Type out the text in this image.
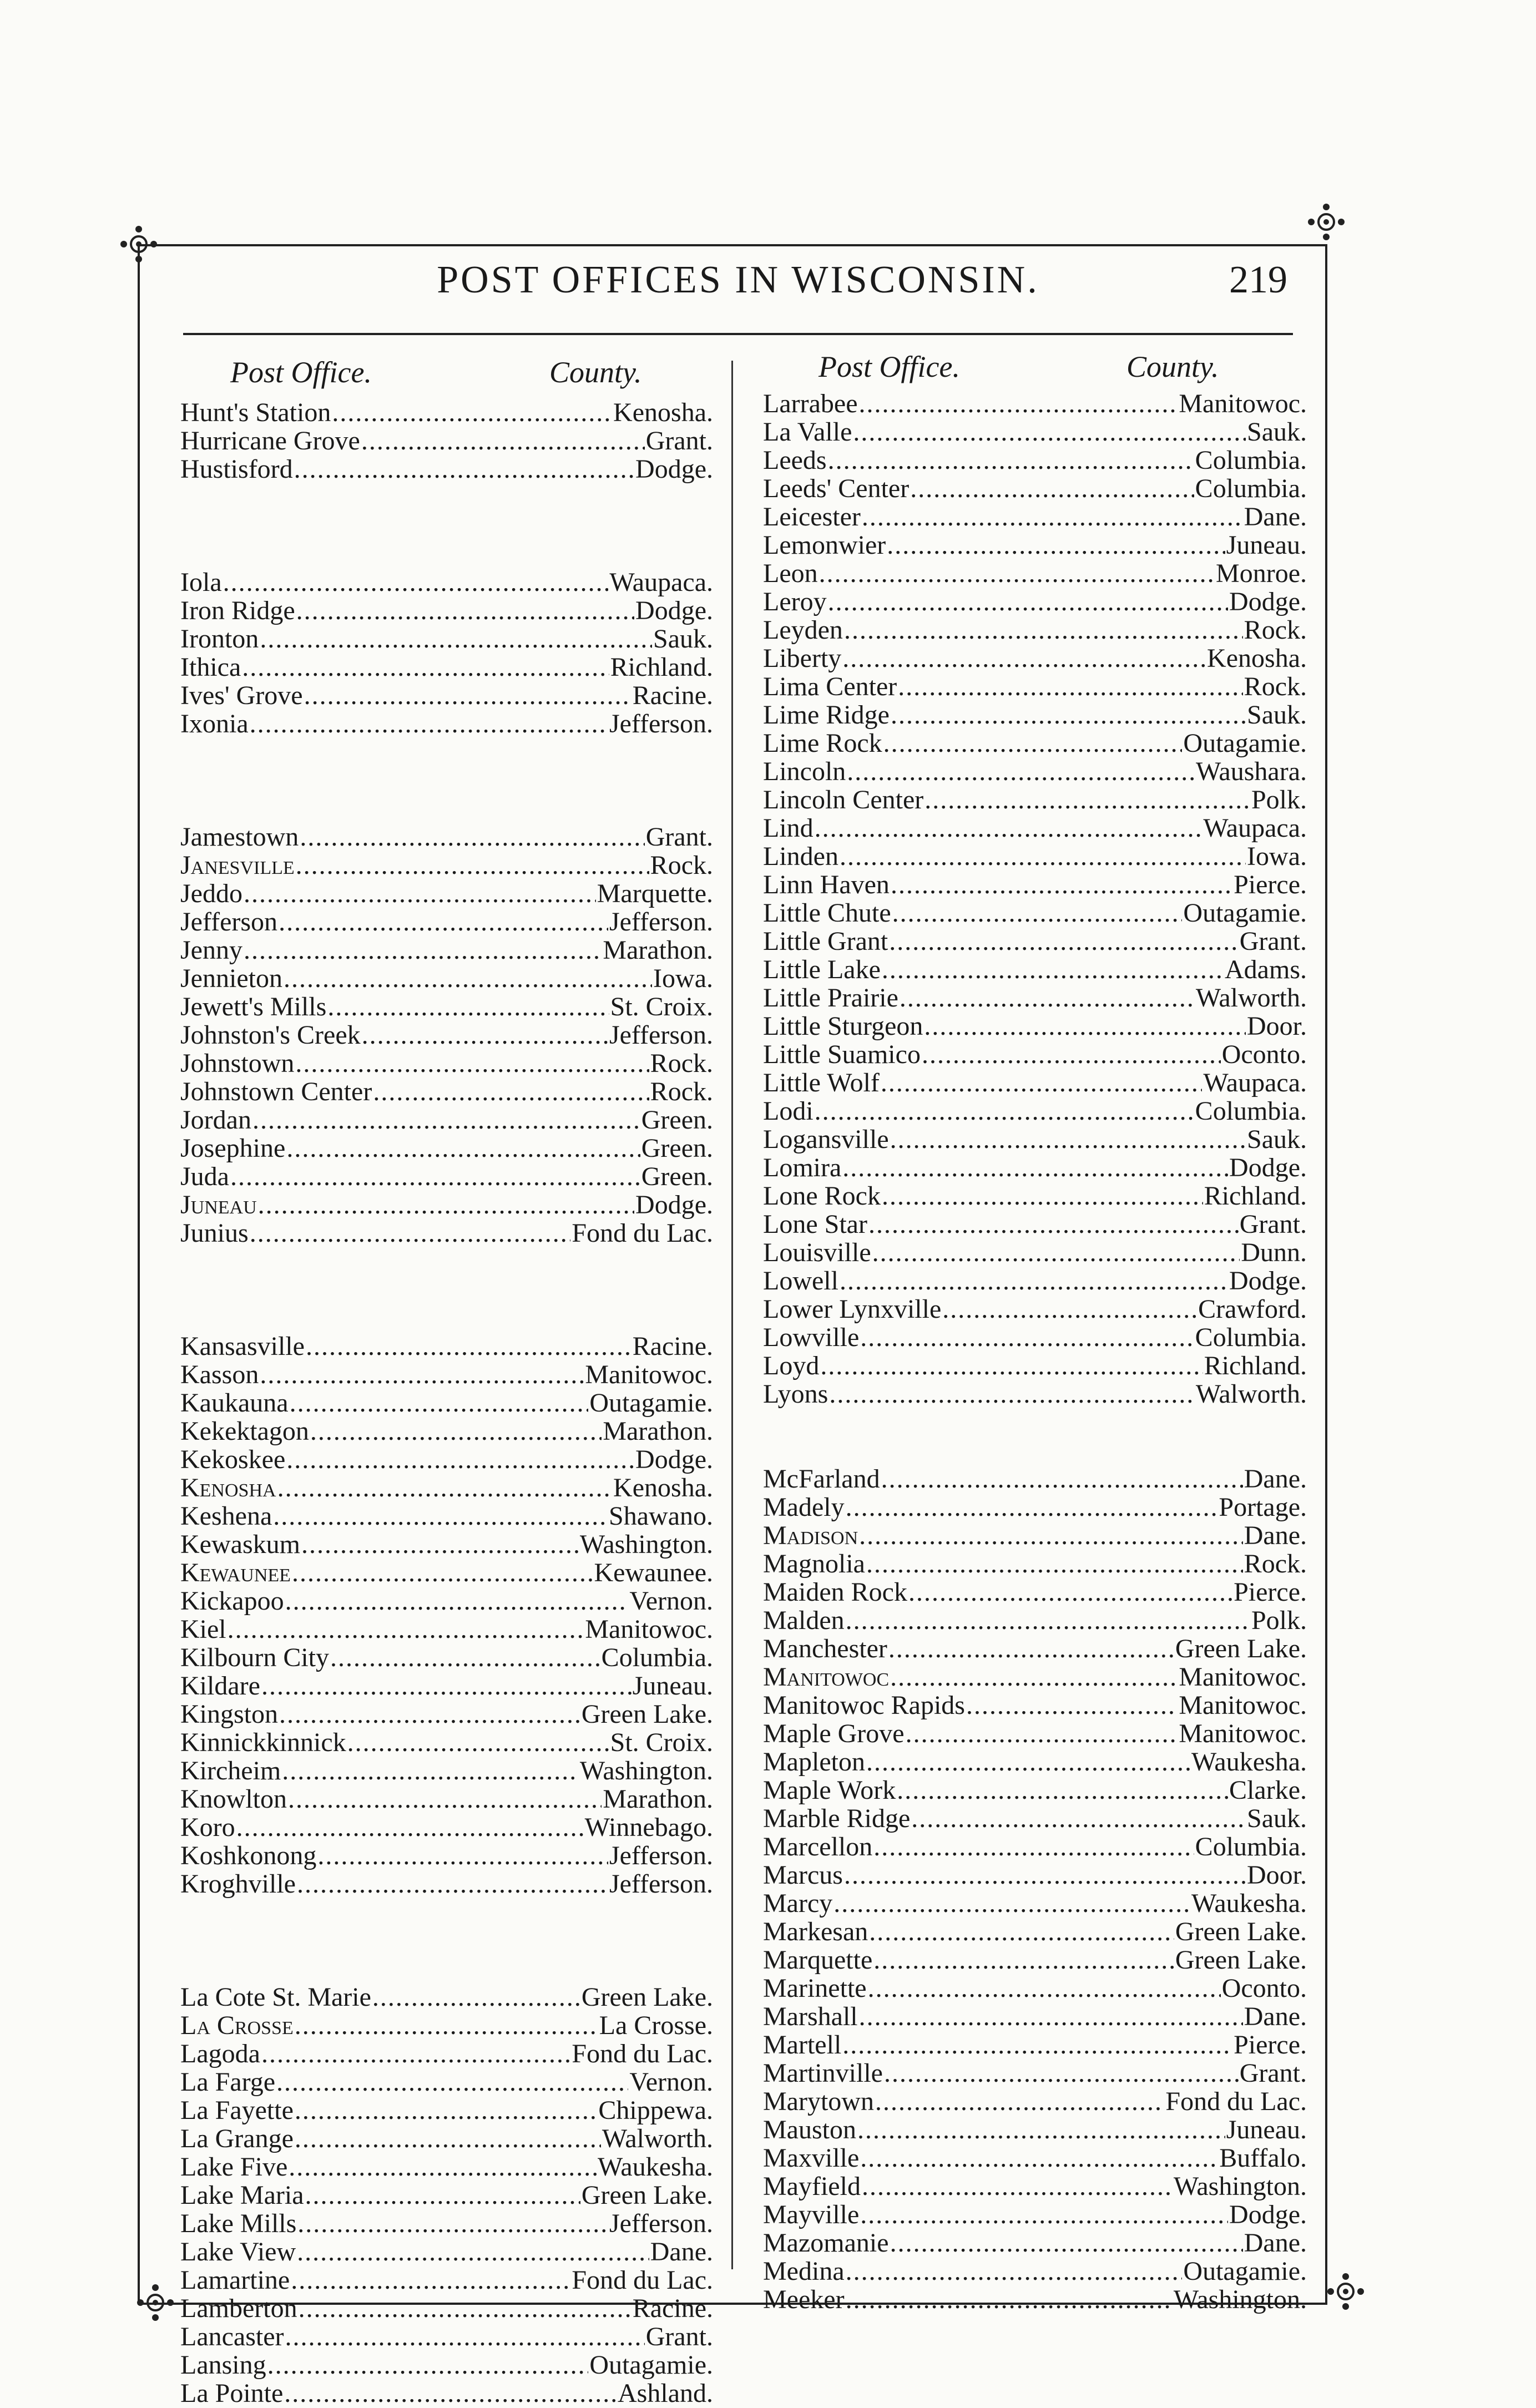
POST OFFICES IN WISCONSIN.	219
Post Office.	County.	Post Office.	County.
Hunt's Station .....	Kenosha.
Hurricane Grove .....	Grant.
Hustisford .....	Dodge.
Iola .....	Waupaca.
Iron Ridge .....	Dodge.
Ironton .....	Sauk.
Ithica .....	Richland.
Ives' Grove .....	Racine.
Ixonia .....	Jefferson.
Jamestown .....	Grant.
Janesville .....	Rock.
Jeddo .....	Marquette.
Jefferson .....	Jefferson.
Jenny .....	Marathon.
Jennieton .....	Iowa.
Jewett's Mills .....	St. Croix.
Johnston's Creek .....	Jefferson.
Johnstown .....	Rock.
Johnstown Center .....	Rock.
Jordan .....	Green.
Josephine .....	Green.
Juda .....	Green.
Juneau .....	Dodge.
Junius .....	Fond du Lac.
Kansasville .....	Racine.
Kasson .....	Manitowoc.
Kaukauna .....	Outagamie.
Kekektagon .....	Marathon.
Kekoskee .....	Dodge.
Kenosha .....	Kenosha.
Keshena .....	Shawano.
Kewaskum .....	Washington.
Kewaunee .....	Kewaunee.
Kickapoo .....	Vernon.
Kiel .....	Manitowoc.
Kilbourn City .....	Columbia.
Kildare .....	Juneau.
Kingston .....	Green Lake.
Kinnickkinnick .....	St. Croix.
Kircheim .....	Washington.
Knowlton .....	Marathon.
Koro .....	Winnebago.
Koshkonong .....	Jefferson.
Kroghville .....	Jefferson.
La Cote St. Marie .....	Green Lake.
La Crosse .....	La Crosse.
Lagoda .....	Fond du Lac.
La Farge .....	Vernon.
La Fayette .....	Chippewa.
La Grange .....	Walworth.
Lake Five .....	Waukesha.
Lake Maria .....	Green Lake.
Lake Mills .....	Jefferson.
Lake View .....	Dane.
Lamartine .....	Fond du Lac.
Lamberton .....	Racine.
Lancaster .....	Grant.
Lansing .....	Outagamie.
La Pointe .....	Ashland.
Larrabee .....	Manitowoc.
La Valle .....	Sauk.
Leeds .....	Columbia.
Leeds' Center .....	Columbia.
Leicester .....	Dane.
Lemonwier .....	Juneau.
Leon .....	Monroe.
Leroy .....	Dodge.
Leyden .....	Rock.
Liberty .....	Kenosha.
Lima Center .....	Rock.
Lime Ridge .....	Sauk.
Lime Rock .....	Outagamie.
Lincoln .....	Waushara.
Lincoln Center .....	Polk.
Lind .....	Waupaca.
Linden .....	Iowa.
Linn Haven .....	Pierce.
Little Chute .....	Outagamie.
Little Grant .....	Grant.
Little Lake .....	Adams.
Little Prairie .....	Walworth.
Little Sturgeon .....	Door.
Little Suamico .....	Oconto.
Little Wolf .....	Waupaca.
Lodi .....	Columbia.
Logansville .....	Sauk.
Lomira .....	Dodge.
Lone Rock .....	Richland.
Lone Star .....	Grant.
Louisville .....	Dunn.
Lowell .....	Dodge.
Lower Lynxville .....	Crawford.
Lowville .....	Columbia.
Loyd .....	Richland.
Lyons .....	Walworth.
McFarland .....	Dane.
Madely .....	Portage.
Madison .....	Dane.
Magnolia .....	Rock.
Maiden Rock .....	Pierce.
Malden .....	Polk.
Manchester .....	Green Lake.
Manitowoc .....	Manitowoc.
Manitowoc Rapids .....	Manitowoc.
Maple Grove .....	Manitowoc.
Mapleton .....	Waukesha.
Maple Work .....	Clarke.
Marble Ridge .....	Sauk.
Marcellon .....	Columbia.
Marcus .....	Door.
Marcy .....	Waukesha.
Markesan .....	Green Lake.
Marquette .....	Green Lake.
Marinette .....	Oconto.
Marshall .....	Dane.
Martell .....	Pierce.
Martinville .....	Grant.
Marytown .....	Fond du Lac.
Mauston .....	Juneau.
Maxville .....	Buffalo.
Mayfield .....	Washington.
Mayville .....	Dodge.
Mazomanie .....	Dane.
Medina .....	Outagamie.
Meeker .....	Washington.
